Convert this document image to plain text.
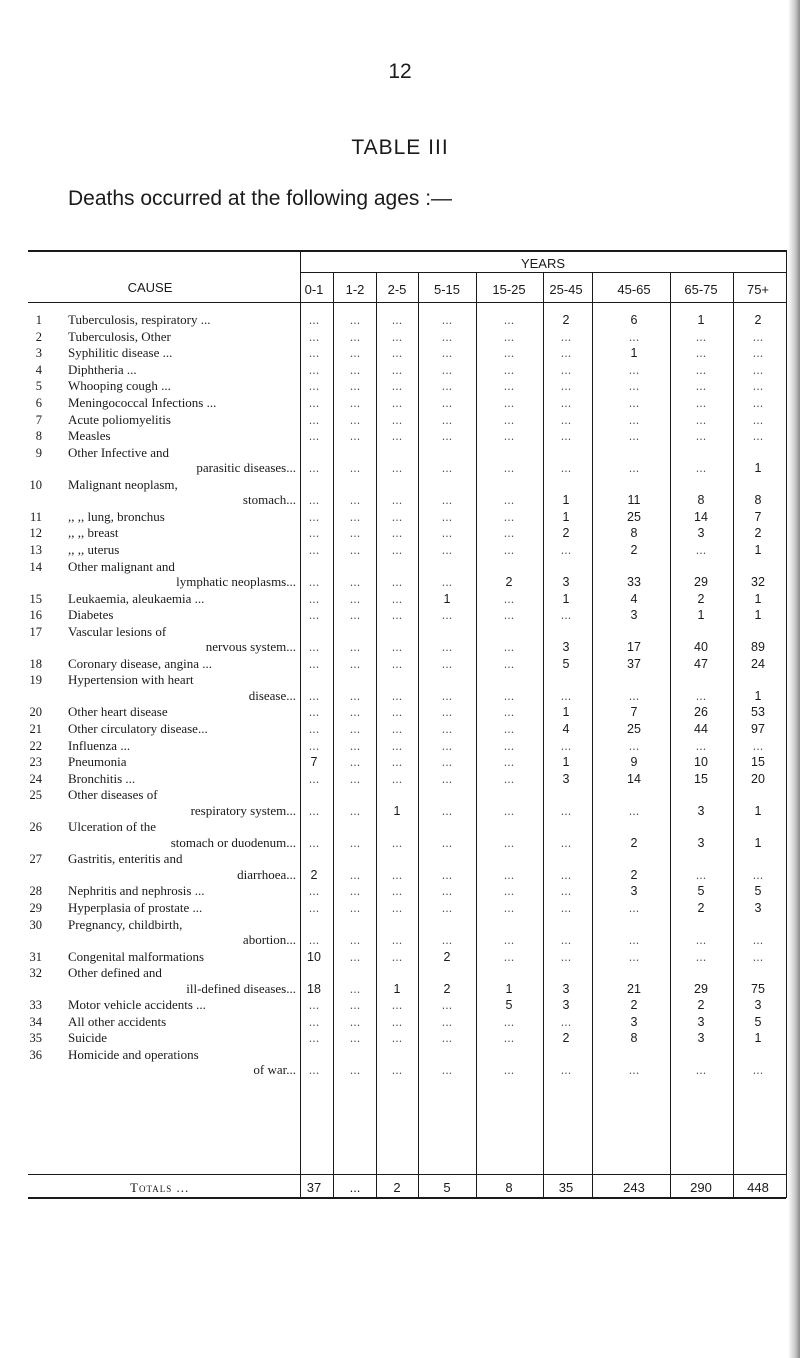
12
TABLE III
Deaths occurred at the following ages :—
CAUSE
YEARS
0-1	1-2	2-5	5-15	15-25	25-45	45-65	65-75	75+
1 Tuberculosis, respiratory ...	...	...	...	...	...	2	6	1	2
2 Tuberculosis, Other	...	...	...	...	...	...	...	...	...
3 Syphilitic disease ...	...	...	...	...	...	...	1	...	...
4 Diphtheria ...	...	...	...	...	...	...	...	...	...
5 Whooping cough ...	...	...	...	...	...	...	...	...	...
6 Meningococcal Infections ...	...	...	...	...	...	...	...	...	...
7 Acute poliomyelitis	...	...	...	...	...	...	...	...	...
8 Measles	...	...	...	...	...	...	...	...	...
9 Other Infective and
parasitic diseases...	...	...	...	...	...	...	...	...	1
10 Malignant neoplasm,
stomach...	...	...	...	...	...	1	11	8	8
11 ,, ,, lung, bronchus	...	...	...	...	...	1	25	14	7
12 ,, ,, breast	...	...	...	...	...	2	8	3	2
13 ,, ,, uterus	...	...	...	...	...	...	2	...	1
14 Other malignant and
lymphatic neoplasms...	...	...	...	...	2	3	33	29	32
15 Leukaemia, aleukaemia ...	...	...	...	1	...	1	4	2	1
16 Diabetes	...	...	...	...	...	...	3	1	1
17 Vascular lesions of
nervous system...	...	...	...	...	...	3	17	40	89
18 Coronary disease, angina ...	...	...	...	...	...	5	37	47	24
19 Hypertension with heart
disease...	...	...	...	...	...	...	...	...	1
20 Other heart disease	...	...	...	...	...	1	7	26	53
21 Other circulatory disease...	...	...	...	...	...	4	25	44	97
22 Influenza ...	...	...	...	...	...	...	...	...	...
23 Pneumonia	7	...	...	...	...	1	9	10	15
24 Bronchitis ...	...	...	...	...	...	3	14	15	20
25 Other diseases of
respiratory system...	...	...	1	...	...	...	...	3	1
26 Ulceration of the
stomach or duodenum...	...	...	...	...	...	...	2	3	1
27 Gastritis, enteritis and
diarrhoea...	2	...	...	...	...	...	2	...	...
28 Nephritis and nephrosis ...	...	...	...	...	...	...	3	5	5
29 Hyperplasia of prostate ...	...	...	...	...	...	...	...	2	3
30 Pregnancy, childbirth,
abortion...	...	...	...	...	...	...	...	...	...
31 Congenital malformations	10	...	...	2	...	...	...	...	...
32 Other defined and
ill-defined diseases... 18	...	1	2	1	3	21	29	75
33 Motor vehicle accidents ...	...	...	...	...	5	3	2	2	3
34 All other accidents	...	...	...	...	...	...	3	3	5
35 Suicide	...	...	...	...	...	2	8	3	1
36 Homicide and operations
of war...	...	...	...	...	...	...	...	...	...
Totals ...	37	...	2	5	8	35	243	290	448
